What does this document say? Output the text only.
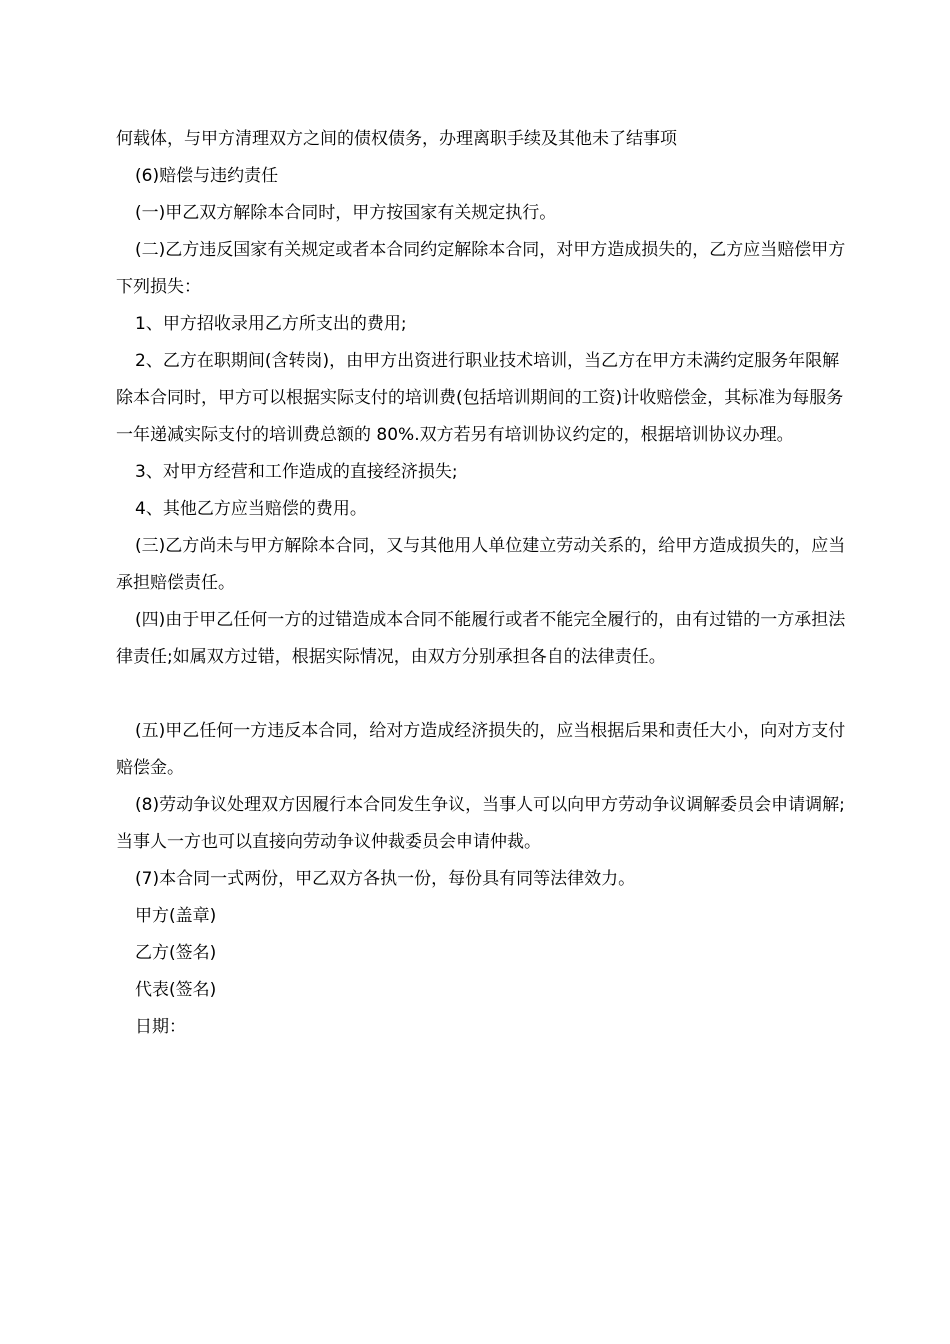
何载体，与甲方清理双方之间的债权债务，办理离职手续及其他未了结事项

(6)赔偿与违约责任

(一)甲乙双方解除本合同时，甲方按国家有关规定执行。

(二)乙方违反国家有关规定或者本合同约定解除本合同，对甲方造成损失的，乙方应当赔偿甲方下列损失：

1、甲方招收录用乙方所支出的费用;

2、乙方在职期间(含转岗)，由甲方出资进行职业技术培训，当乙方在甲方未满约定服务年限解除本合同时，甲方可以根据实际支付的培训费(包括培训期间的工资)计收赔偿金，其标准为每服务一年递减实际支付的培训费总额的 80%.双方若另有培训协议约定的，根据培训协议办理。

3、对甲方经营和工作造成的直接经济损失;

4、其他乙方应当赔偿的费用。

(三)乙方尚未与甲方解除本合同，又与其他用人单位建立劳动关系的，给甲方造成损失的，应当承担赔偿责任。

(四)由于甲乙任何一方的过错造成本合同不能履行或者不能完全履行的，由有过错的一方承担法律责任;如属双方过错，根据实际情况，由双方分别承担各自的法律责任。

(五)甲乙任何一方违反本合同，给对方造成经济损失的，应当根据后果和责任大小，向对方支付赔偿金。

(8)劳动争议处理双方因履行本合同发生争议，当事人可以向甲方劳动争议调解委员会申请调解;当事人一方也可以直接向劳动争议仲裁委员会申请仲裁。

(7)本合同一式两份，甲乙双方各执一份，每份具有同等法律效力。

甲方(盖章)

乙方(签名)

代表(签名)

日期：
